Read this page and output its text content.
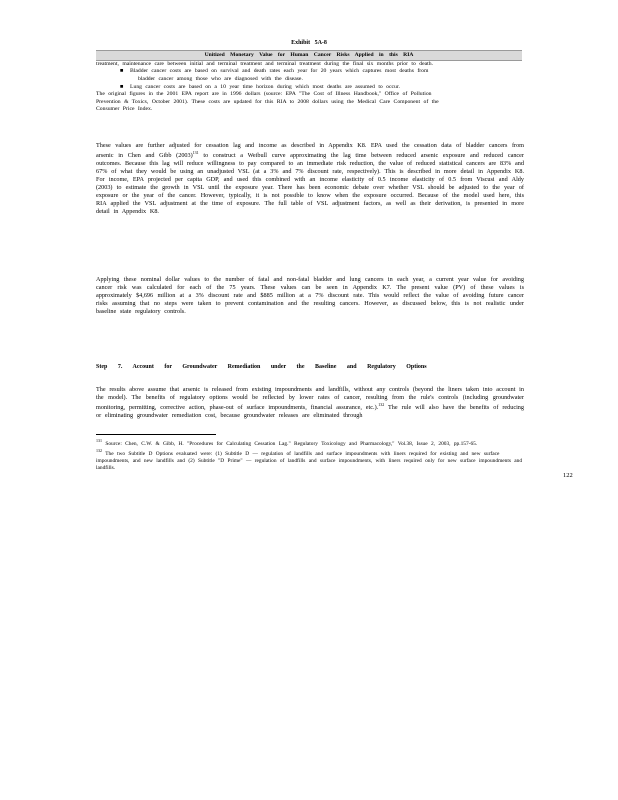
Exhibit 5A-8
Unitized Monetary Value for Human Cancer Risks Applied in this RIA
treatment, maintenance care between initial and terminal treatment and terminal treatment during the final six months prior to death.
■ Bladder cancer costs are based on survival and death rates each year for 20 years which captures most deaths from
bladder cancer among those who are diagnosed with the disease.
■ Lung cancer costs are based on a 10 year time horizon during which most deaths are assumed to occur.
The original figures in the 2001 EPA report are in 1996 dollars (source: EPA "The Cost of Illness Handbook," Office of Pollution
Prevention & Toxics, October 2001). These costs are updated for this RIA to 2008 dollars using the Medical Care Component of the
Consumer Price Index.
These values are further adjusted for cessation lag and income as described in Appendix K8. EPA used the cessation data of bladder cancers from arsenic in Chen and Gibb $(2003)^{131}$ to construct a Weibull curve approximating the lag time between reduced arsenic exposure and reduced cancer outcomes. Because this lag will reduce willingness to pay compared to an immediate risk reduction, the value of reduced statistical cancers are 83% and 67% of what they would be using an unadjusted VSL (at a 3% and 7% discount rate, respectively). This is described in more detail in Appendix K8. For income, EPA projected per capita GDP, and used this combined with an income elasticity of 0.5 income elasticity of 0.5 from Viscusi and Aldy (2003) to estimate the growth in VSL until the exposure year. There has been economic debate over whether VSL should be adjusted to the year of exposure or the year of the cancer. However, typically, it is not possible to know when the exposure occurred. Because of the model used here, this RIA applied the VSL adjustment at the time of exposure. The full table of VSL adjustment factors, as well as their derivation, is presented in more detail in Appendix K8.
Applying these nominal dollar values to the number of fatal and non-fatal bladder and lung cancers in each year, a current year value for avoiding cancer risk was calculated for each of the 75 years. These values can be seen in Appendix K7. The present value (PV) of these values is approximately $4,696 million at a 3% discount rate and $885 million at a 7% discount rate. This would reflect the value of avoiding future cancer risks assuming that no steps were taken to prevent contamination and the resulting cancers. However, as discussed below, this is not realistic under baseline state regulatory controls.
Step 7. Account for Groundwater Remediation under the Baseline and Regulatory Options
The results above assume that arsenic is released from existing impoundments and landfills, without any controls (beyond the liners taken into account in the model). The benefits of regulatory options would be reflected by lower rates of cancer, resulting from the rule's controls (including groundwater monitoring, permitting, corrective action, phase-out of surface impoundments, financial assurance, etc.).$^{132}$ The rule will also have the benefits of reducing or eliminating groundwater remediation cost, because groundwater releases are eliminated through
$^{131}$ Source: Chen, C.W. & Gibb, H. "Procedures for Calculating Cessation Lag." Regulatory Toxicology and Pharmacology," Vol.38, Issue 2, 2003, pp.157-65.
$^{132}$ The two Subtitle D Options evaluated were: (1) Subtitle D — regulation of landfills and surface impoundments with liners required for existing and new surface impoundments, and new landfills and (2) Subtitle "D Prime" — regulation of landfills and surface impoundments, with liners required only for new surface impoundments and landfills.
122
